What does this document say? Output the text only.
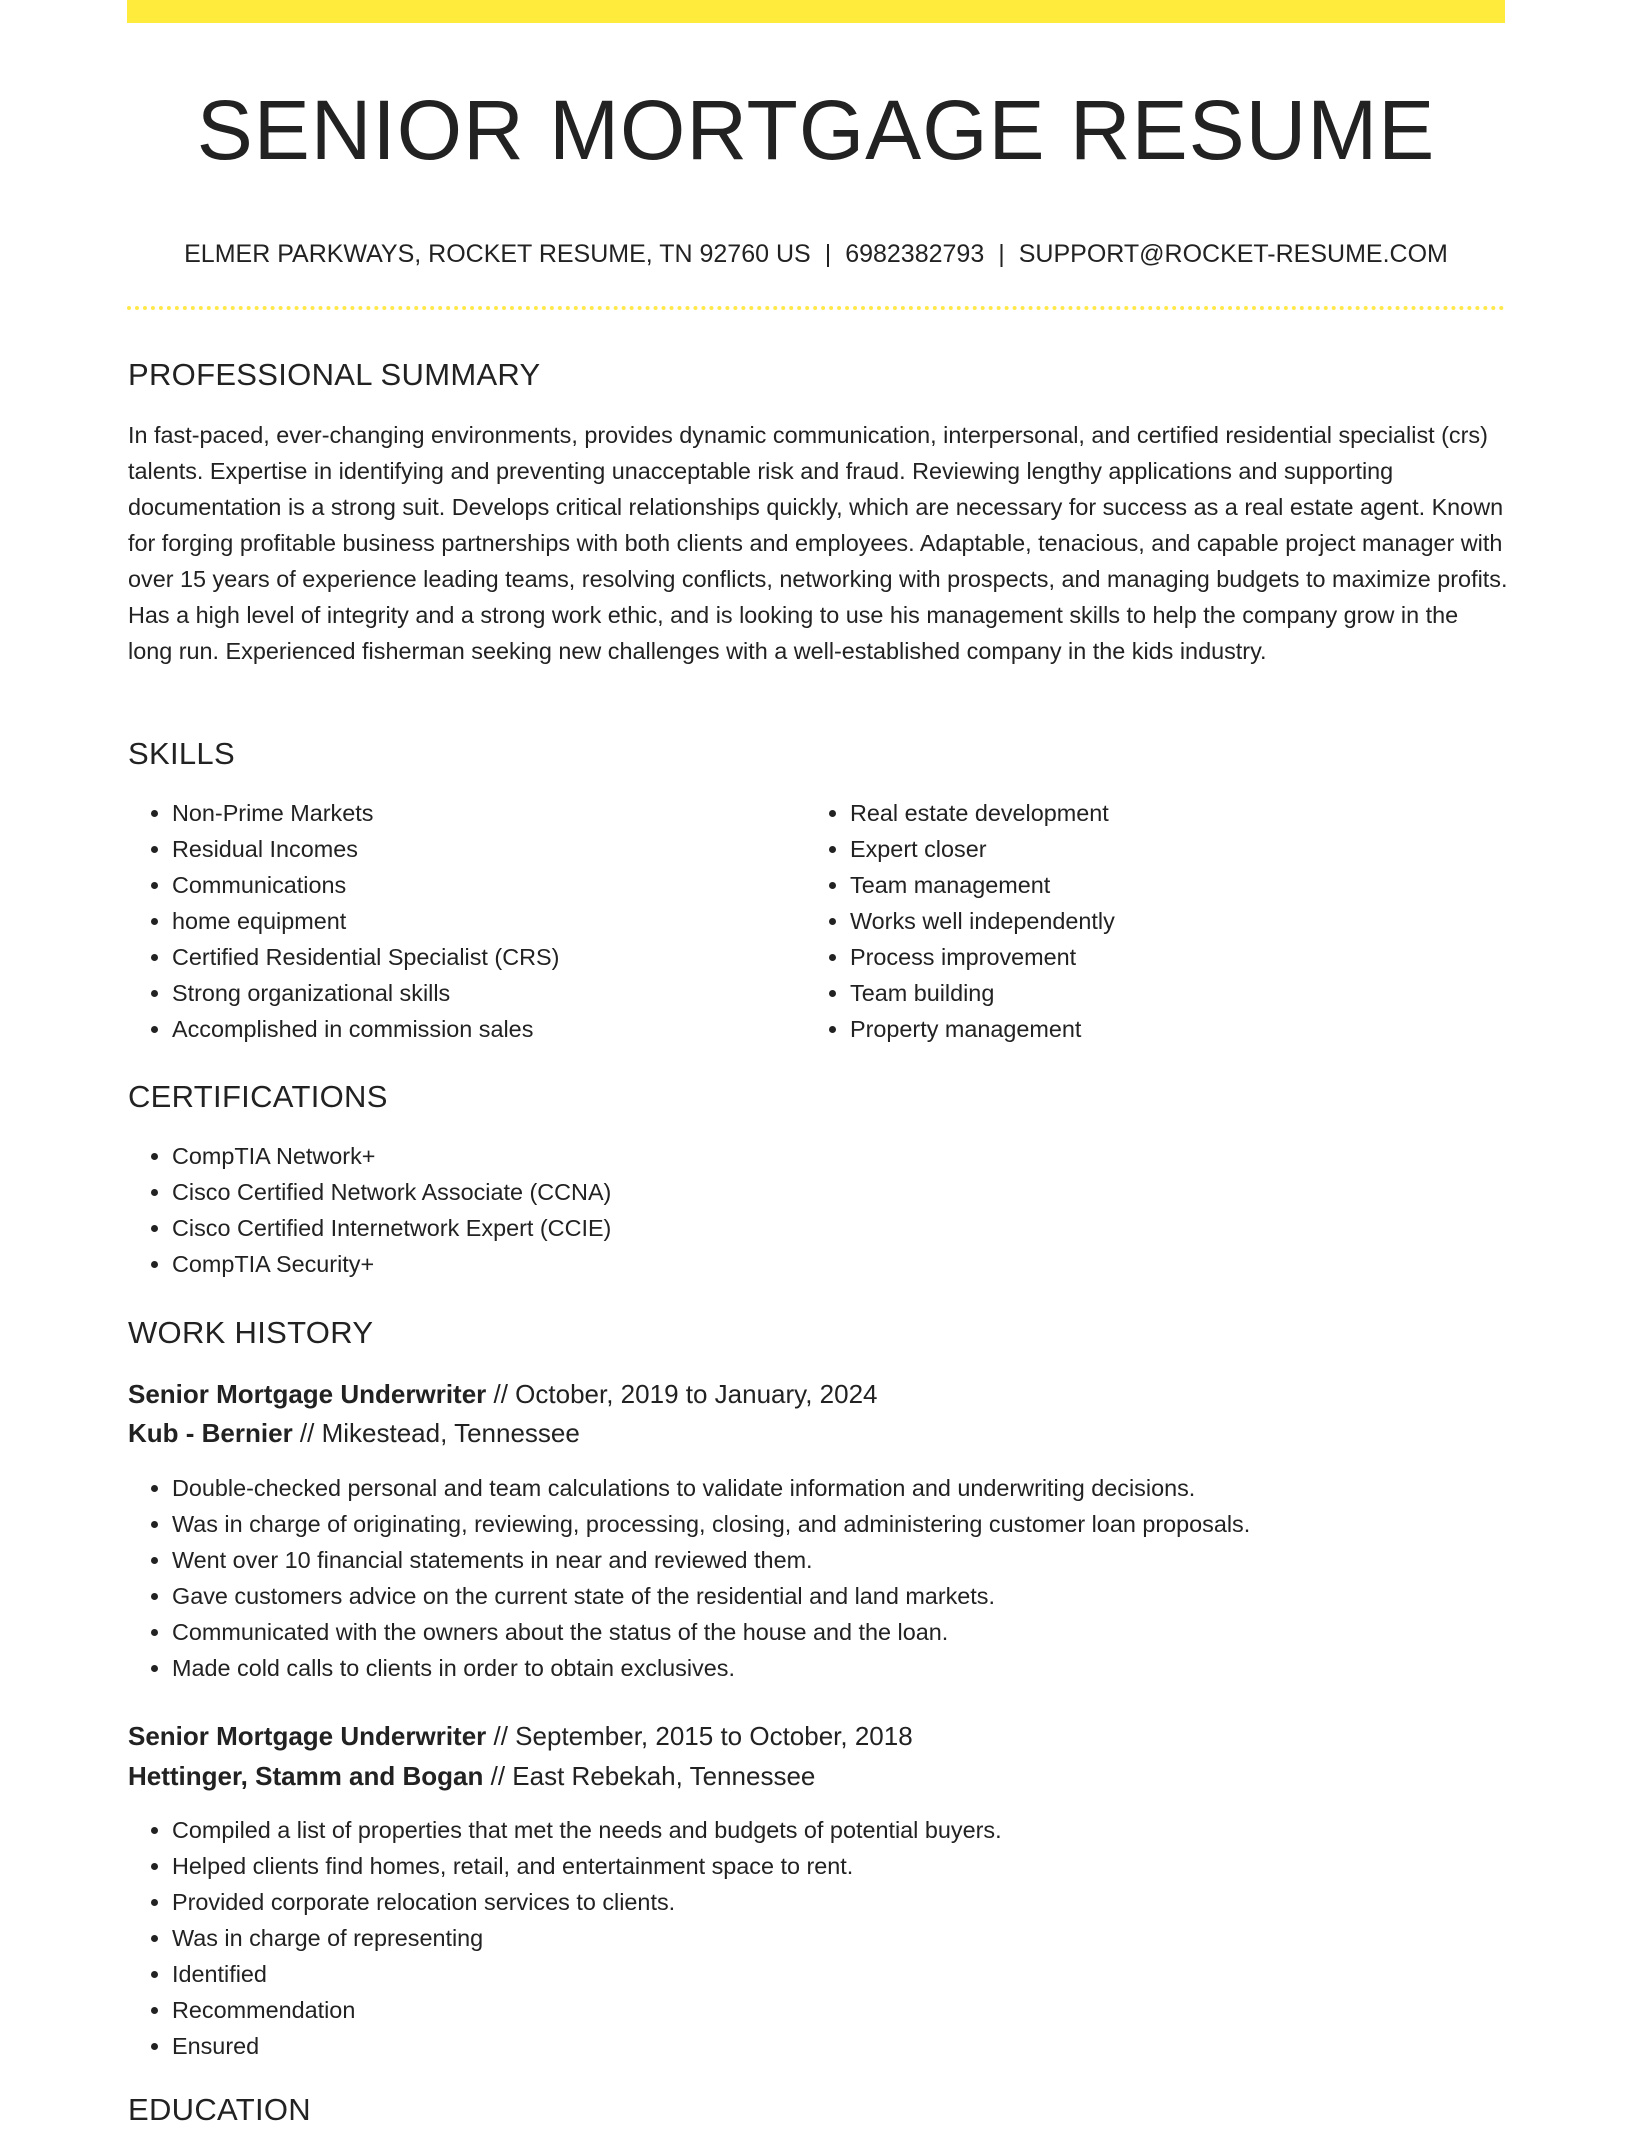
SENIOR MORTGAGE RESUME
ELMER PARKWAYS, ROCKET RESUME, TN 92760 US | 6982382793 | SUPPORT@ROCKET-RESUME.COM
PROFESSIONAL SUMMARY

In fast-paced, ever-changing environments, provides dynamic communication, interpersonal, and certified residential specialist (crs) talents. Expertise in identifying and preventing unacceptable risk and fraud. Reviewing lengthy applications and supporting documentation is a strong suit. Develops critical relationships quickly, which are necessary for success as a real estate agent. Known for forging profitable business partnerships with both clients and employees. Adaptable, tenacious, and capable project manager with over 15 years of experience leading teams, resolving conflicts, networking with prospects, and managing budgets to maximize profits. Has a high level of integrity and a strong work ethic, and is looking to use his management skills to help the company grow in the long run. Experienced fisherman seeking new challenges with a well-established company in the kids industry.

SKILLS
• Non-Prime Markets
• Residual Incomes
• Communications
• home equipment
• Certified Residential Specialist (CRS)
• Strong organizational skills
• Accomplished in commission sales
• Real estate development
• Expert closer
• Team management
• Works well independently
• Process improvement
• Team building
• Property management
CERTIFICATIONS
• CompTIA Network+
• Cisco Certified Network Associate (CCNA)
• Cisco Certified Internetwork Expert (CCIE)
• CompTIA Security+
WORK HISTORY
Senior Mortgage Underwriter // October, 2019 to January, 2024
Kub - Bernier // Mikestead, Tennessee
• Double-checked personal and team calculations to validate information and underwriting decisions.
• Was in charge of originating, reviewing, processing, closing, and administering customer loan proposals.
• Went over 10 financial statements in near and reviewed them.
• Gave customers advice on the current state of the residential and land markets.
• Communicated with the owners about the status of the house and the loan.
• Made cold calls to clients in order to obtain exclusives.
Senior Mortgage Underwriter // September, 2015 to October, 2018
Hettinger, Stamm and Bogan // East Rebekah, Tennessee
• Compiled a list of properties that met the needs and budgets of potential buyers.
• Helped clients find homes, retail, and entertainment space to rent.
• Provided corporate relocation services to clients.
• Was in charge of representing
• Identified
• Recommendation
• Ensured
EDUCATION
